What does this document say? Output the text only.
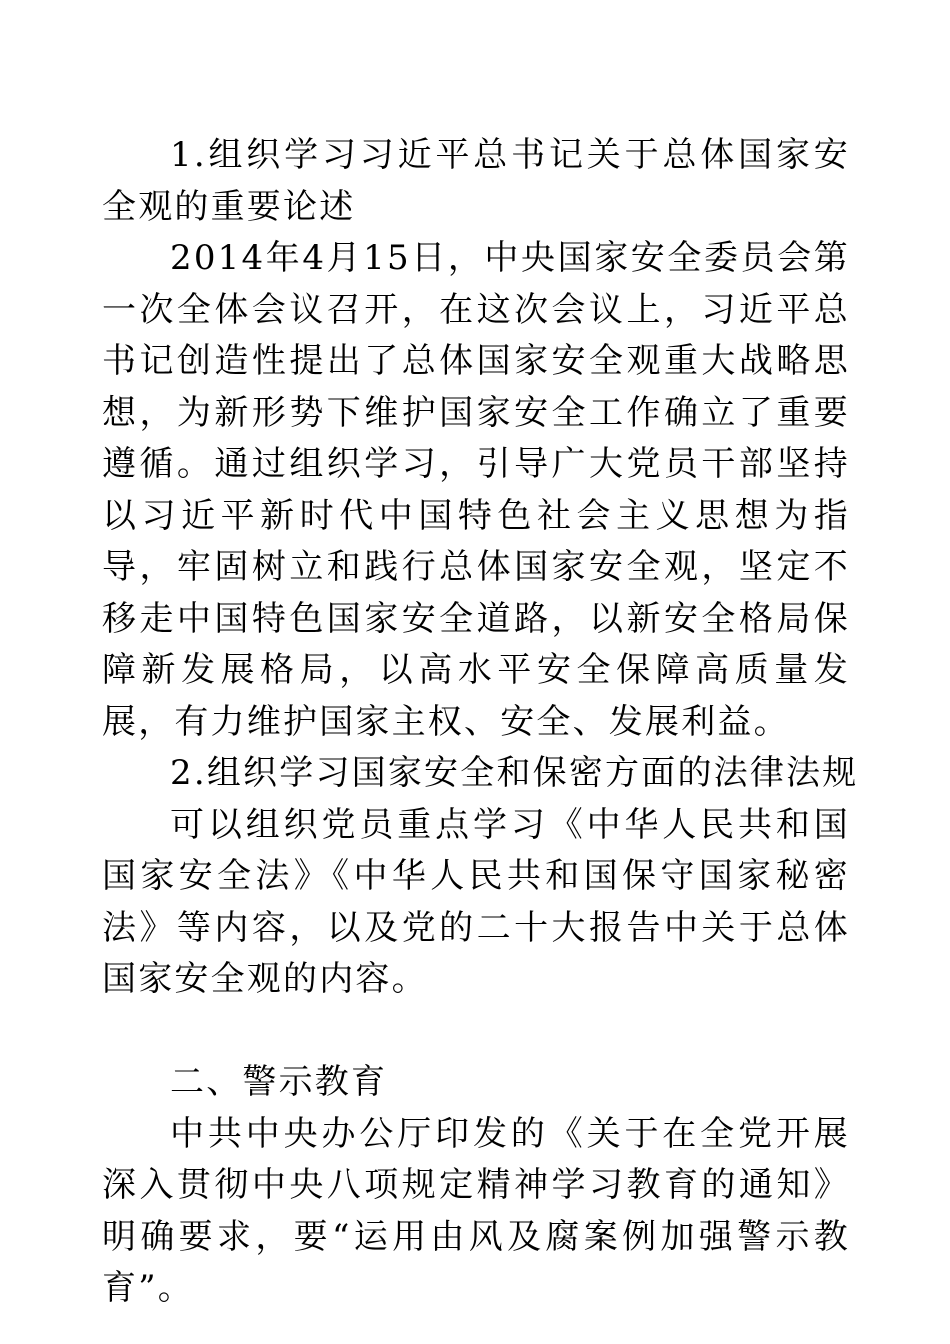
1.组织学习习近平总书记关于总体国家安全观的重要论述

2014年4月15日，中央国家安全委员会第一次全体会议召开，在这次会议上，习近平总书记创造性提出了总体国家安全观重大战略思想，为新形势下维护国家安全工作确立了重要遵循。通过组织学习，引导广大党员干部坚持以习近平新时代中国特色社会主义思想为指导，牢固树立和践行总体国家安全观，坚定不移走中国特色国家安全道路，以新安全格局保障新发展格局，以高水平安全保障高质量发展，有力维护国家主权、安全、发展利益。

2.组织学习国家安全和保密方面的法律法规

可以组织党员重点学习《中华人民共和国国家安全法》《中华人民共和国保守国家秘密法》等内容，以及党的二十大报告中关于总体国家安全观的内容。

二、警示教育

中共中央办公厅印发的《关于在全党开展深入贯彻中央八项规定精神学习教育的通知》明确要求，要“运用由风及腐案例加强警示教育”。
